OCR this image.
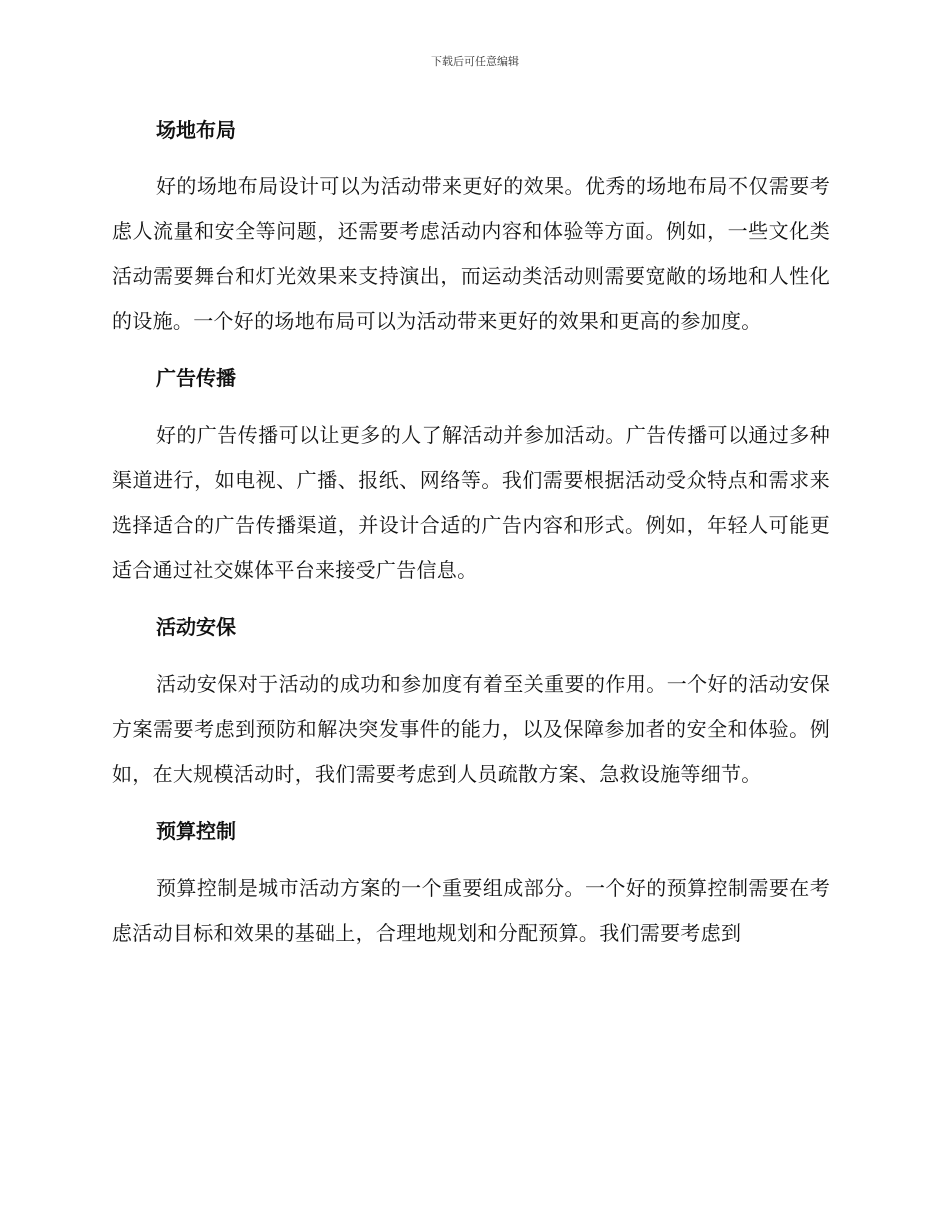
下载后可任意编辑
场地布局

好的场地布局设计可以为活动带来更好的效果。优秀的场地布局不仅需要考虑人流量和安全等问题，还需要考虑活动内容和体验等方面。例如，一些文化类活动需要舞台和灯光效果来支持演出，而运动类活动则需要宽敞的场地和人性化的设施。一个好的场地布局可以为活动带来更好的效果和更高的参加度。

广告传播

好的广告传播可以让更多的人了解活动并参加活动。广告传播可以通过多种渠道进行，如电视、广播、报纸、网络等。我们需要根据活动受众特点和需求来选择适合的广告传播渠道，并设计合适的广告内容和形式。例如，年轻人可能更适合通过社交媒体平台来接受广告信息。

活动安保

活动安保对于活动的成功和参加度有着至关重要的作用。一个好的活动安保方案需要考虑到预防和解决突发事件的能力，以及保障参加者的安全和体验。例如，在大规模活动时，我们需要考虑到人员疏散方案、急救设施等细节。

预算控制

预算控制是城市活动方案的一个重要组成部分。一个好的预算控制需要在考虑活动目标和效果的基础上，合理地规划和分配预算。我们需要考虑到
